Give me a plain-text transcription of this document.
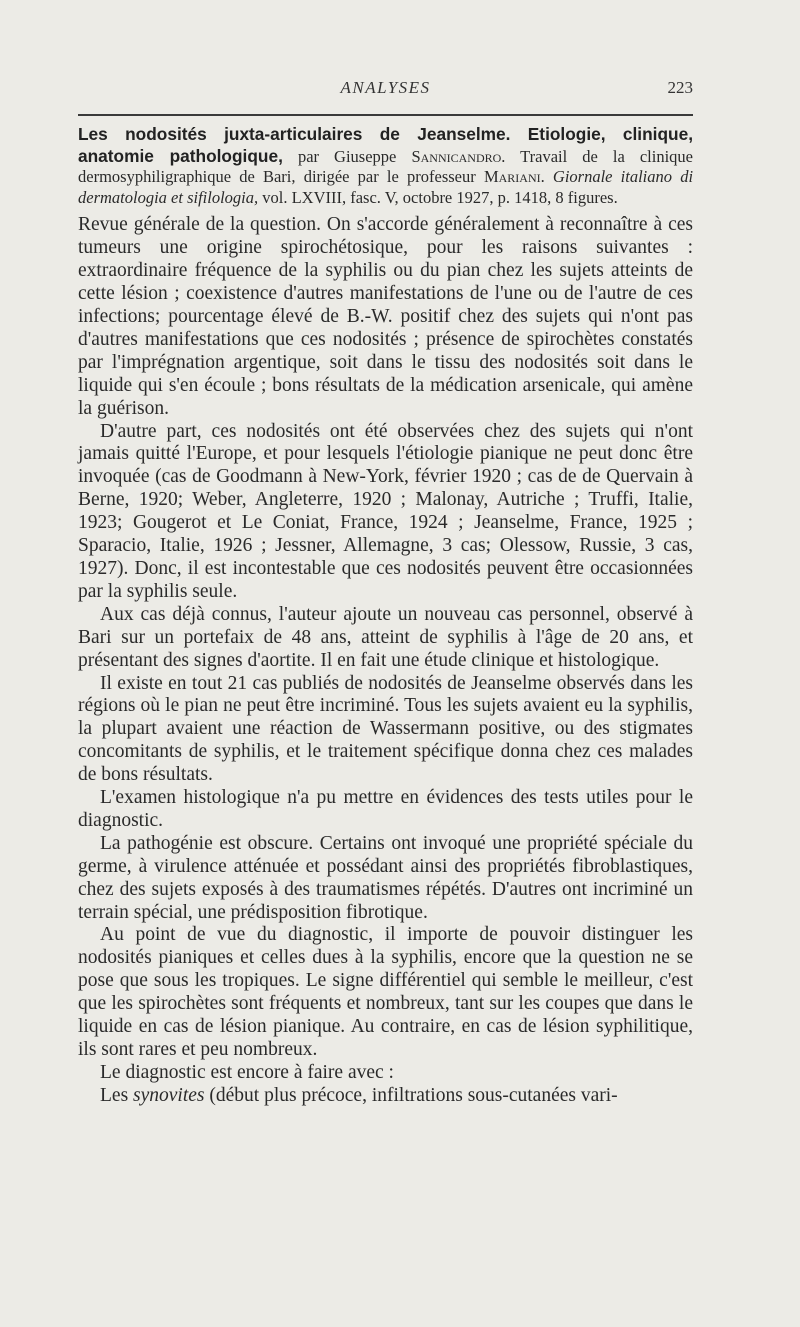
ANALYSES	223

Les nodosités juxta-articulaires de Jeanselme. Etiologie, clinique, anatomie pathologique, par Giuseppe Sannicandro. Travail de la clinique dermosyphiligraphique de Bari, dirigée par le professeur Mariani. Giornale italiano di dermatologia et sifilologia, vol. LXVIII, fasc. V, octobre 1927, p. 1418, 8 figures.

Revue générale de la question. On s'accorde généralement à reconnaître à ces tumeurs une origine spirochétosique, pour les raisons suivantes : extraordinaire fréquence de la syphilis ou du pian chez les sujets atteints de cette lésion ; coexistence d'autres manifestations de l'une ou de l'autre de ces infections; pourcentage élevé de B.-W. positif chez des sujets qui n'ont pas d'autres manifestations que ces nodosités ; présence de spirochètes constatés par l'imprégnation argentique, soit dans le tissu des nodosités soit dans le liquide qui s'en écoule ; bons résultats de la médication arsenicale, qui amène la guérison.

D'autre part, ces nodosités ont été observées chez des sujets qui n'ont jamais quitté l'Europe, et pour lesquels l'étiologie pianique ne peut donc être invoquée (cas de Goodmann à New-York, février 1920 ; cas de de Quervain à Berne, 1920; Weber, Angleterre, 1920 ; Malonay, Autriche ; Truffi, Italie, 1923; Gougerot et Le Coniat, France, 1924 ; Jeanselme, France, 1925 ; Sparacio, Italie, 1926 ; Jessner, Allemagne, 3 cas; Olessow, Russie, 3 cas, 1927). Donc, il est incontestable que ces nodosités peuvent être occasionnées par la syphilis seule.

Aux cas déjà connus, l'auteur ajoute un nouveau cas personnel, observé à Bari sur un portefaix de 48 ans, atteint de syphilis à l'âge de 20 ans, et présentant des signes d'aortite. Il en fait une étude clinique et histologique.

Il existe en tout 21 cas publiés de nodosités de Jeanselme observés dans les régions où le pian ne peut être incriminé. Tous les sujets avaient eu la syphilis, la plupart avaient une réaction de Wassermann positive, ou des stigmates concomitants de syphilis, et le traitement spécifique donna chez ces malades de bons résultats.

L'examen histologique n'a pu mettre en évidences des tests utiles pour le diagnostic.

La pathogénie est obscure. Certains ont invoqué une propriété spéciale du germe, à virulence atténuée et possédant ainsi des propriétés fibroblastiques, chez des sujets exposés à des traumatismes répétés. D'autres ont incriminé un terrain spécial, une prédisposition fibrotique.

Au point de vue du diagnostic, il importe de pouvoir distinguer les nodosités pianiques et celles dues à la syphilis, encore que la question ne se pose que sous les tropiques. Le signe différentiel qui semble le meilleur, c'est que les spirochètes sont fréquents et nombreux, tant sur les coupes que dans le liquide en cas de lésion pianique. Au contraire, en cas de lésion syphilitique, ils sont rares et peu nombreux.

Le diagnostic est encore à faire avec :

Les synovites (début plus précoce, infiltrations sous-cutanées vari-
